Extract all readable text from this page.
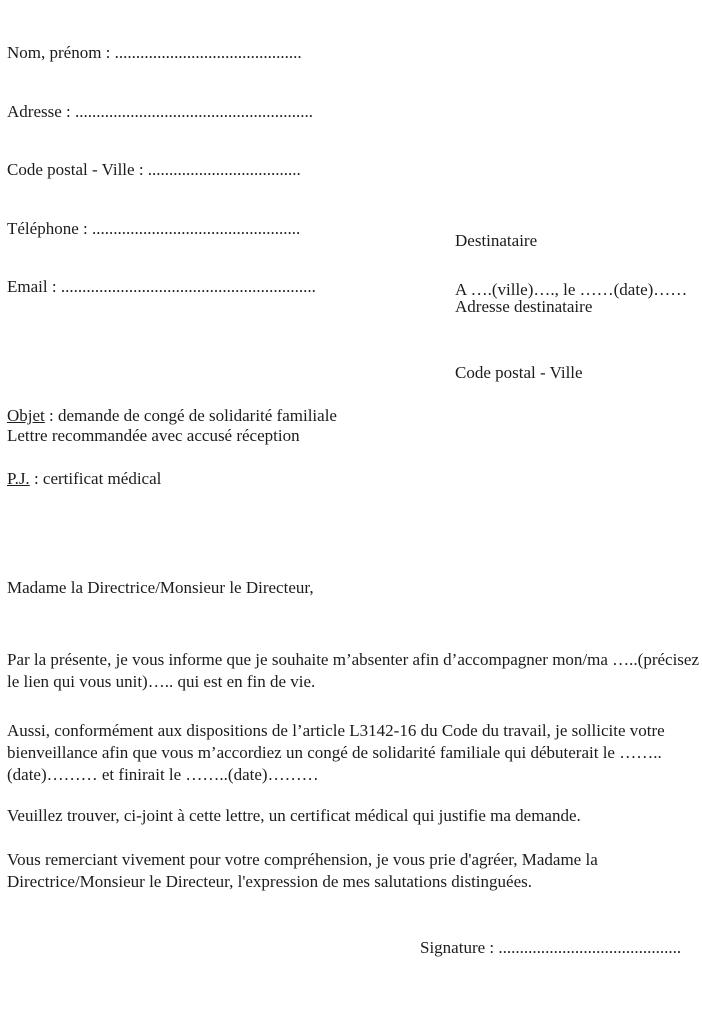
Nom, prénom : ............................................

Adresse : ........................................................

Code postal - Ville : ....................................

Téléphone : .................................................

Email : ............................................................

Destinataire

Adresse destinataire

Code postal - Ville

A ….(ville)…., le ……(date)……

Objet : demande de congé de solidarité familiale

P.J. : certificat médical

Lettre recommandée avec accusé réception
Madame la Directrice/Monsieur le Directeur,

Par la présente, je vous informe que je souhaite m’absenter afin d’accompagner mon/ma …..(précisez le lien qui vous unit)….. qui est en fin de vie.

Aussi, conformément aux dispositions de l’article L3142-16 du Code du travail, je sollicite votre bienveillance afin que vous m’accordiez un congé de solidarité familiale qui débuterait le ……..(date)……… et finirait le ……..(date)………

Veuillez trouver, ci-joint à cette lettre, un certificat médical qui justifie ma demande.

Vous remerciant vivement pour votre compréhension, je vous prie d'agréer, Madame la Directrice/Monsieur le Directeur, l'expression de mes salutations distinguées.

Signature : ...........................................
